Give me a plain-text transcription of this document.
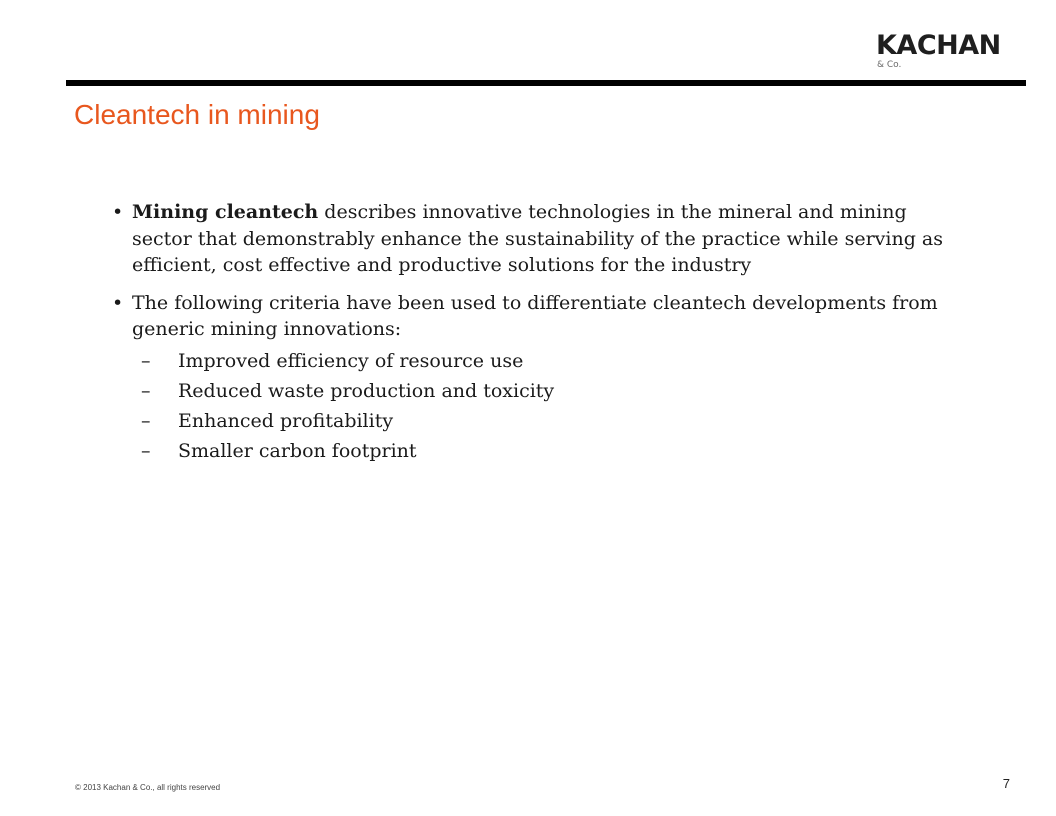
KACHAN
& Co.
Cleantech in mining
• Mining cleantech describes innovative technologies in the mineral and mining sector that demonstrably enhance the sustainability of the practice while serving as efficient, cost effective and productive solutions for the industry
• The following criteria have been used to differentiate cleantech developments from generic mining innovations:
– Improved efficiency of resource use
– Reduced waste production and toxicity
– Enhanced profitability
– Smaller carbon footprint
© 2013 Kachan & Co., all rights reserved	7
